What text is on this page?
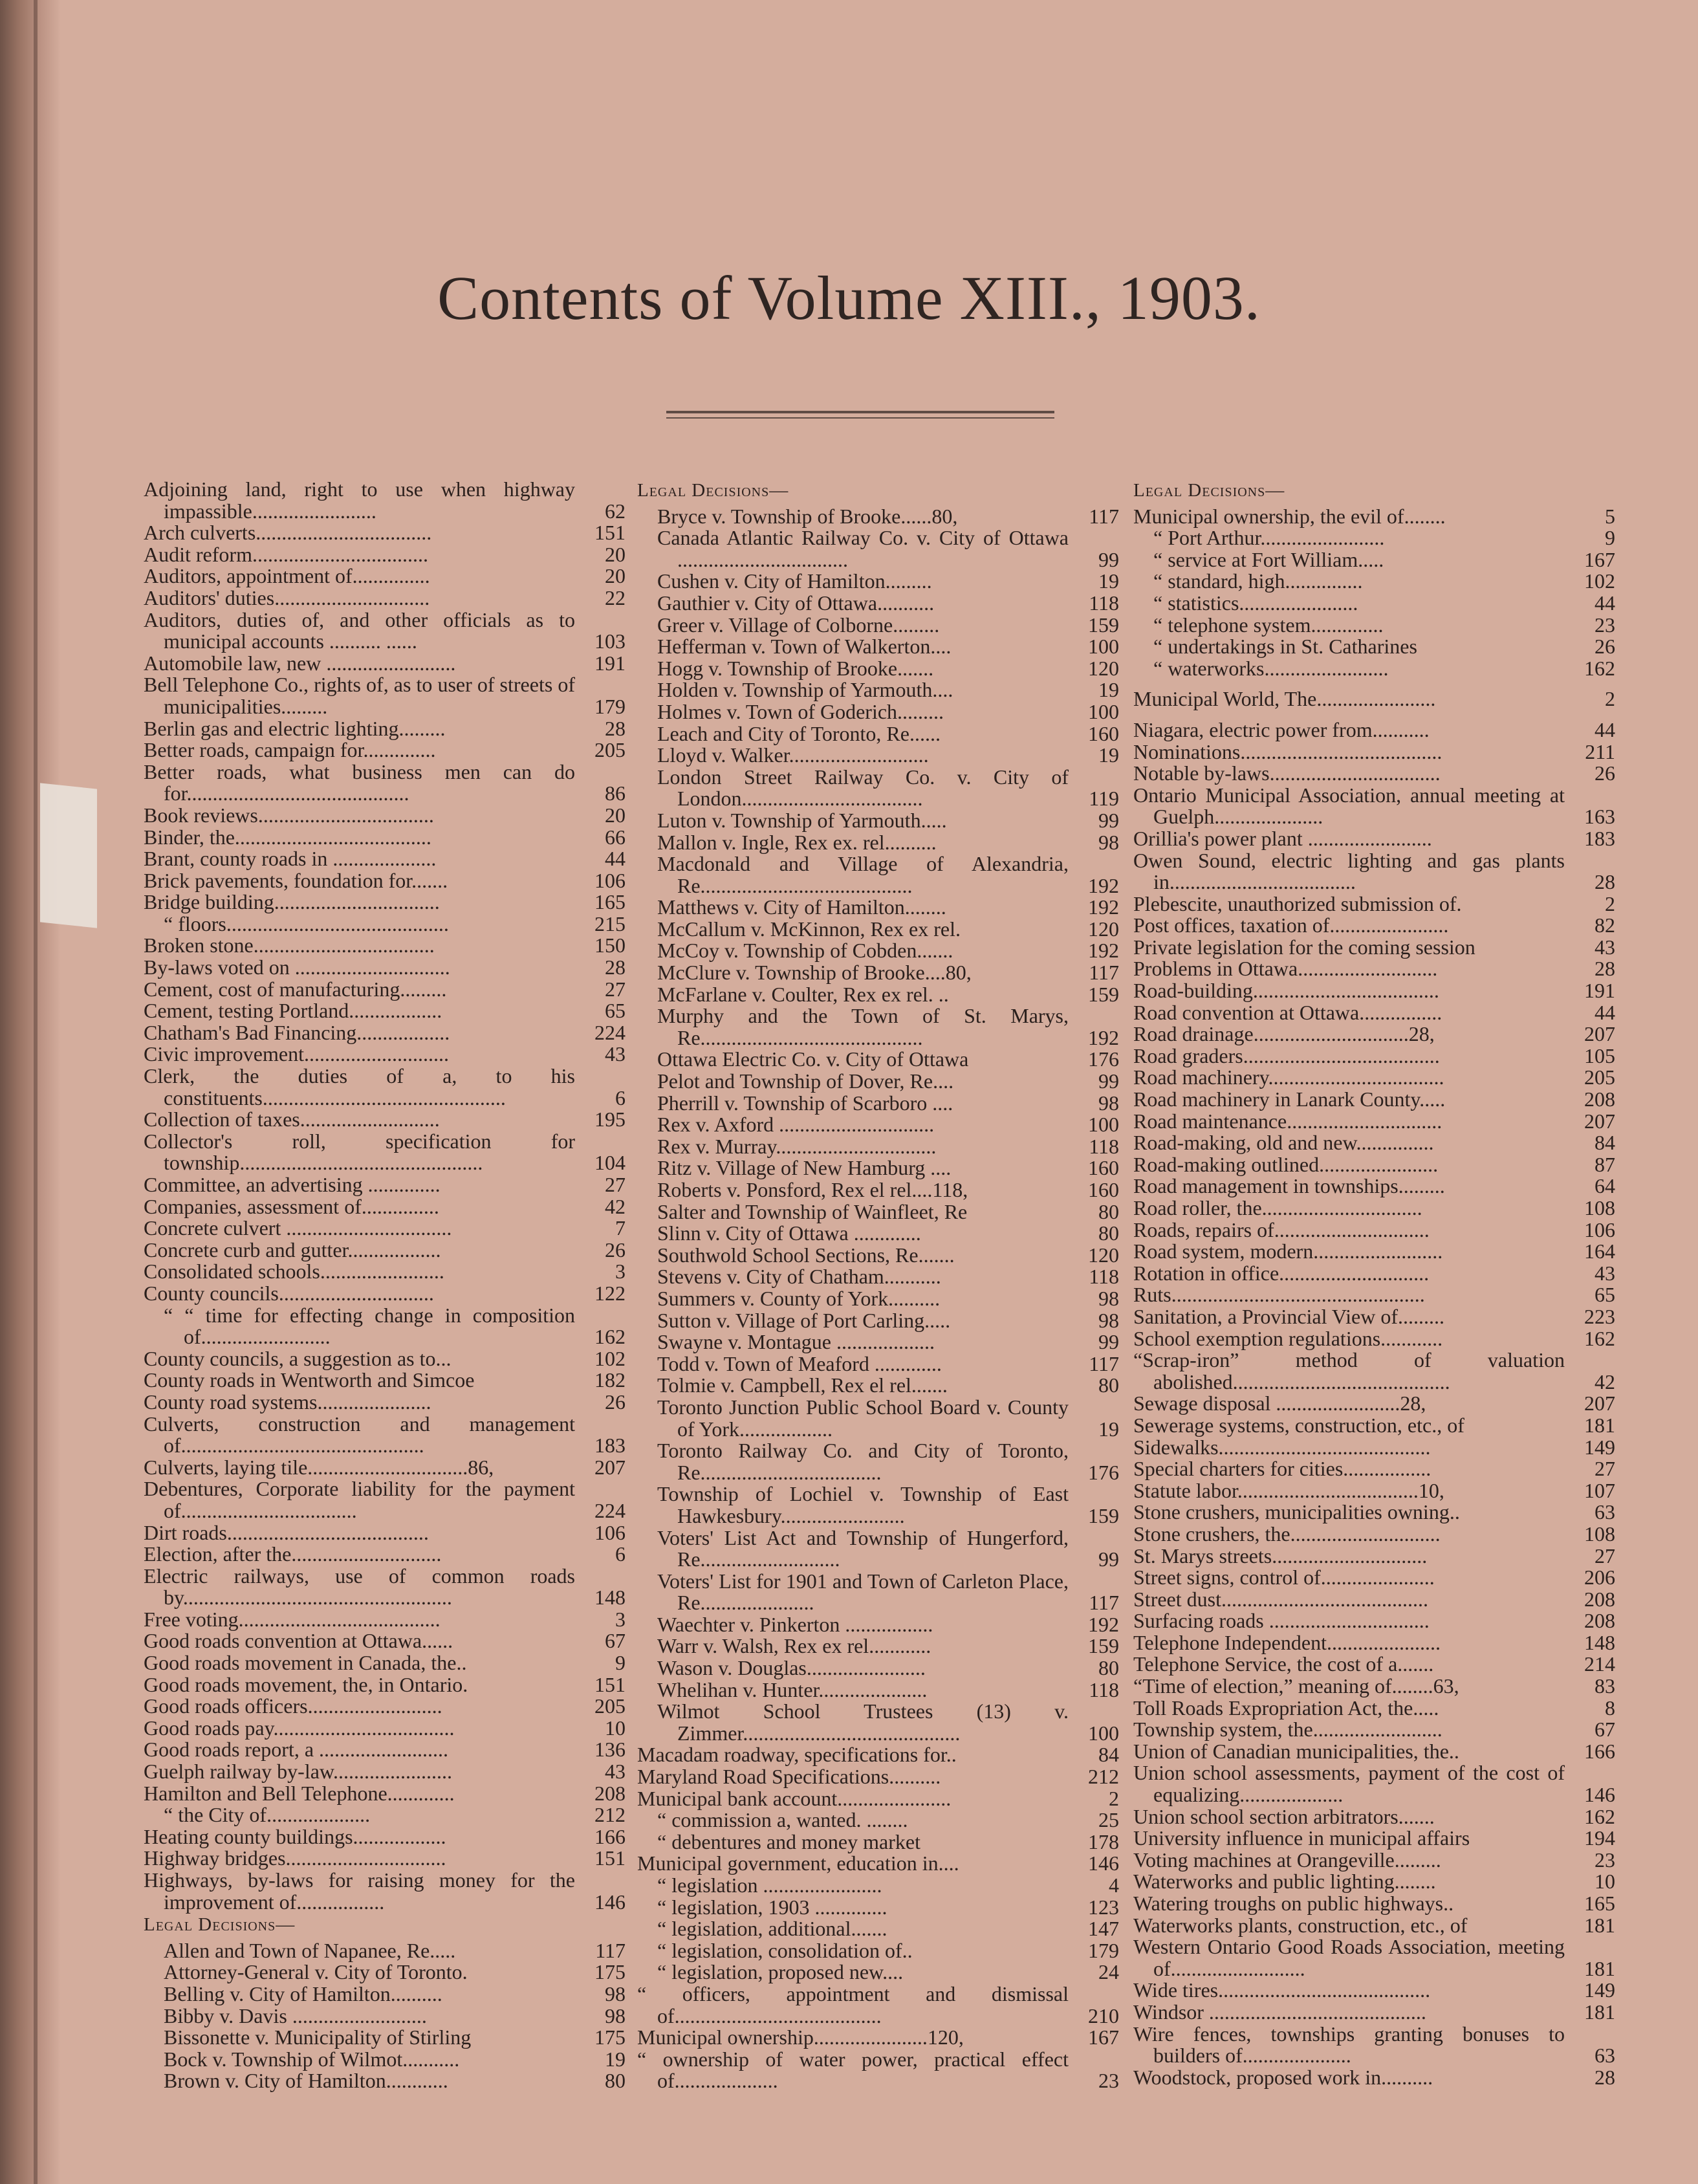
Contents of Volume XIII., 1903.
Adjoining land, right to use when highway impassible........................	62
Arch culverts..................................	151
Audit reform..................................	20
Auditors, appointment of...............	20
Auditors' duties..............................	22
Auditors, duties of, and other officials as to municipal accounts .......... ......	103
Automobile law, new .........................	191
Bell Telephone Co., rights of, as to user of streets of municipalities.........	179
Berlin gas and electric lighting.........	28
Better roads, campaign for..............	205
Better roads, what business men can do for...........................................	86
Book reviews..................................	20
Binder, the......................................	66
Brant, county roads in ....................	44
Brick pavements, foundation for.......	106
Bridge building................................	165
“ floors...........................................	215
Broken stone...................................	150
By-laws voted on ..............................	28
Cement, cost of manufacturing.........	27
Cement, testing Portland..................	65
Chatham's Bad Financing..................	224
Civic improvement............................	43
Clerk, the duties of a, to his constituents...............................................	6
Collection of taxes...........................	195
Collector's roll, specification for township...............................................	104
Committee, an advertising ..............	27
Companies, assessment of...............	42
Concrete culvert ................................	7
Concrete curb and gutter..................	26
Consolidated schools........................	3
County councils..............................	122
“ “ time for effecting change in composition of.........................	162
County councils, a suggestion as to...	102
County roads in Wentworth and Simcoe	182
County road systems......................	26
Culverts, construction and management of...............................................	183
Culverts, laying tile...............................86,	207
Debentures, Corporate liability for the payment of..................................	224
Dirt roads.......................................	106
Election, after the.............................	6
Electric railways, use of common roads by....................................................	148
Free voting.......................................	3
Good roads convention at Ottawa......	67
Good roads movement in Canada, the..	9
Good roads movement, the, in Ontario.	151
Good roads officers..........................	205
Good roads pay...................................	10
Good roads report, a .........................	136
Guelph railway by-law.......................	43
Hamilton and Bell Telephone.............	208
“ the City of....................	212
Heating county buildings..................	166
Highway bridges...............................	151
Highways, by-laws for raising money for the improvement of.................	146
Legal Decisions—
Allen and Town of Napanee, Re.....	117
Attorney-General v. City of Toronto.	175
Belling v. City of Hamilton..........	98
Bibby v. Davis ..........................	98
Bissonette v. Municipality of Stirling	175
Bock v. Township of Wilmot...........	19
Brown v. City of Hamilton............	80
Legal Decisions—
Bryce v. Township of Brooke......80,	117
Canada Atlantic Railway Co. v. City of Ottawa .................................	99
Cushen v. City of Hamilton.........	19
Gauthier v. City of Ottawa...........	118
Greer v. Village of Colborne.........	159
Hefferman v. Town of Walkerton....	100
Hogg v. Township of Brooke.......	120
Holden v. Township of Yarmouth....	19
Holmes v. Town of Goderich.........	100
Leach and City of Toronto, Re......	160
Lloyd v. Walker...........................	19
London Street Railway Co. v. City of London...................................	119
Luton v. Township of Yarmouth.....	99
Mallon v. Ingle, Rex ex. rel..........	98
Macdonald and Village of Alexandria, Re.........................................	192
Matthews v. City of Hamilton........	192
McCallum v. McKinnon, Rex ex rel.	120
McCoy v. Township of Cobden.......	192
McClure v. Township of Brooke....80,	117
McFarlane v. Coulter, Rex ex rel. ..	159
Murphy and the Town of St. Marys, Re...........................................	192
Ottawa Electric Co. v. City of Ottawa	176
Pelot and Township of Dover, Re....	99
Pherrill v. Township of Scarboro ....	98
Rex v. Axford ..............................	100
Rex v. Murray...............................	118
Ritz v. Village of New Hamburg ....	160
Roberts v. Ponsford, Rex el rel....118,	160
Salter and Township of Wainfleet, Re	80
Slinn v. City of Ottawa .............	80
Southwold School Sections, Re.......	120
Stevens v. City of Chatham...........	118
Summers v. County of York..........	98
Sutton v. Village of Port Carling.....	98
Swayne v. Montague ...................	99
Todd v. Town of Meaford .............	117
Tolmie v. Campbell, Rex el rel.......	80
Toronto Junction Public School Board v. County of York..................	19
Toronto Railway Co. and City of Toronto, Re...................................	176
Township of Lochiel v. Township of East Hawkesbury........................	159
Voters' List Act and Township of Hungerford, Re...........................	99
Voters' List for 1901 and Town of Carleton Place, Re......................	117
Waechter v. Pinkerton .................	192
Warr v. Walsh, Rex ex rel............	159
Wason v. Douglas.......................	80
Whelihan v. Hunter.....................	118
Wilmot School Trustees (13) v. Zimmer..........................................	100
Macadam roadway, specifications for..	84
Maryland Road Specifications..........	212
Municipal bank account......................	2
“ commission a, wanted. ........	25
“ debentures and money market	178
Municipal government, education in....	146
“ legislation .......................	4
“ legislation, 1903 ..............	123
“ legislation, additional.......	147
“ legislation, consolidation of..	179
“ legislation, proposed new....	24
“ officers, appointment and dismissal of........................................	210
Municipal ownership......................120,	167
“ ownership of water power, practical effect of....................	23
Legal Decisions—
Municipal ownership, the evil of........	5
“ Port Arthur........................	9
“ service at Fort William.....	167
“ standard, high...............	102
“ statistics.......................	44
“ telephone system..............	23
“ undertakings in St. Catharines	26
“ waterworks........................	162
Municipal World, The.......................	2
Niagara, electric power from...........	44
Nominations.......................................	211
Notable by-laws.................................	26
Ontario Municipal Association, annual meeting at Guelph.....................	163
Orillia's power plant ........................	183
Owen Sound, electric lighting and gas plants in....................................	28
Plebescite, unauthorized submission of.	2
Post offices, taxation of.......................	82
Private legislation for the coming session	43
Problems in Ottawa...........................	28
Road-building....................................	191
Road convention at Ottawa................	44
Road drainage..............................28,	207
Road graders......................................	105
Road machinery..................................	205
Road machinery in Lanark County.....	208
Road maintenance..............................	207
Road-making, old and new...............	84
Road-making outlined.......................	87
Road management in townships.........	64
Road roller, the...............................	108
Roads, repairs of..............................	106
Road system, modern.........................	164
Rotation in office.............................	43
Ruts.................................................	65
Sanitation, a Provincial View of.........	223
School exemption regulations............	162
“Scrap-iron” method of valuation abolished..........................................	42
Sewage disposal ........................28,	207
Sewerage systems, construction, etc., of	181
Sidewalks.........................................	149
Special charters for cities.................	27
Statute labor...................................10,	107
Stone crushers, municipalities owning..	63
Stone crushers, the.............................	108
St. Marys streets..............................	27
Street signs, control of......................	206
Street dust........................................	208
Surfacing roads ...............................	208
Telephone Independent......................	148
Telephone Service, the cost of a.......	214
“Time of election,” meaning of........63,	83
Toll Roads Expropriation Act, the.....	8
Township system, the.........................	67
Union of Canadian municipalities, the..	166
Union school assessments, payment of the cost of equalizing....................	146
Union school section arbitrators.......	162
University influence in municipal affairs	194
Voting machines at Orangeville.........	23
Waterworks and public lighting........	10
Watering troughs on public highways..	165
Waterworks plants, construction, etc., of	181
Western Ontario Good Roads Association, meeting of..........................	181
Wide tires.........................................	149
Windsor ..........................................	181
Wire fences, townships granting bonuses to builders of.....................	63
Woodstock, proposed work in..........	28
